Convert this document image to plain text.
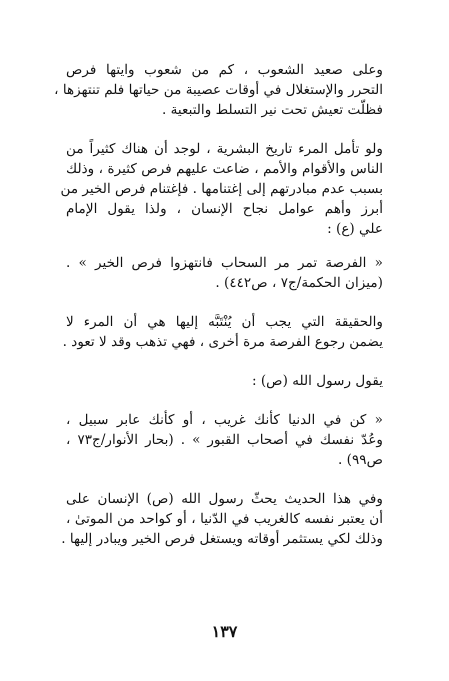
وعلى صعيد الشعوب ، كم من شعوب وايتها فرص
التحرر والإستغلال في أوقات عصيبة من حياتها فلم تنتهزها ،
فظلّت تعيش تحت نير التسلط والتبعية .
ولو تأمل المرء تاريخ البشرية ، لوجد أن هناك كثيراً من
الناس والأقوام والأمم ، ضاعت عليهم فرص كثيرة ، وذلك
بسبب عدم مبادرتهم إلى إغتنامها . فإغتنام فرص الخير من
أبرز وأهم عوامل نجاح الإنسان ، ولذا يقول الإمام
علي (ع) :
« الفرصة تمر مر السحاب فانتهزوا فرص الخير » .
(ميزان الحكمة/ج٧ ، ص٤٤٢) .
والحقيقة التي يجب أن يُنْتَبَّه إليها هي أن المرء لا
يضمن رجوع الفرصة مرة أخرى ، فهي تذهب وقد لا تعود .
يقول رسول الله (ص) :
« كن في الدنيا كأنك غريب ، أو كأنك عابر سبيل ،
وعُدّ نفسك في أصحاب القبور » . (بحار الأنوار/ج٧٣ ،
ص٩٩) .
وفي هذا الحديث يحثّ رسول الله (ص) الإنسان على
أن يعتبر نفسه كالغريب في الدّنيا ، أو كواحد من الموتىٰ ،
وذلك لكي يستثمر أوقاته ويستغل فرص الخير ويبادر إليها .
١٣٧
